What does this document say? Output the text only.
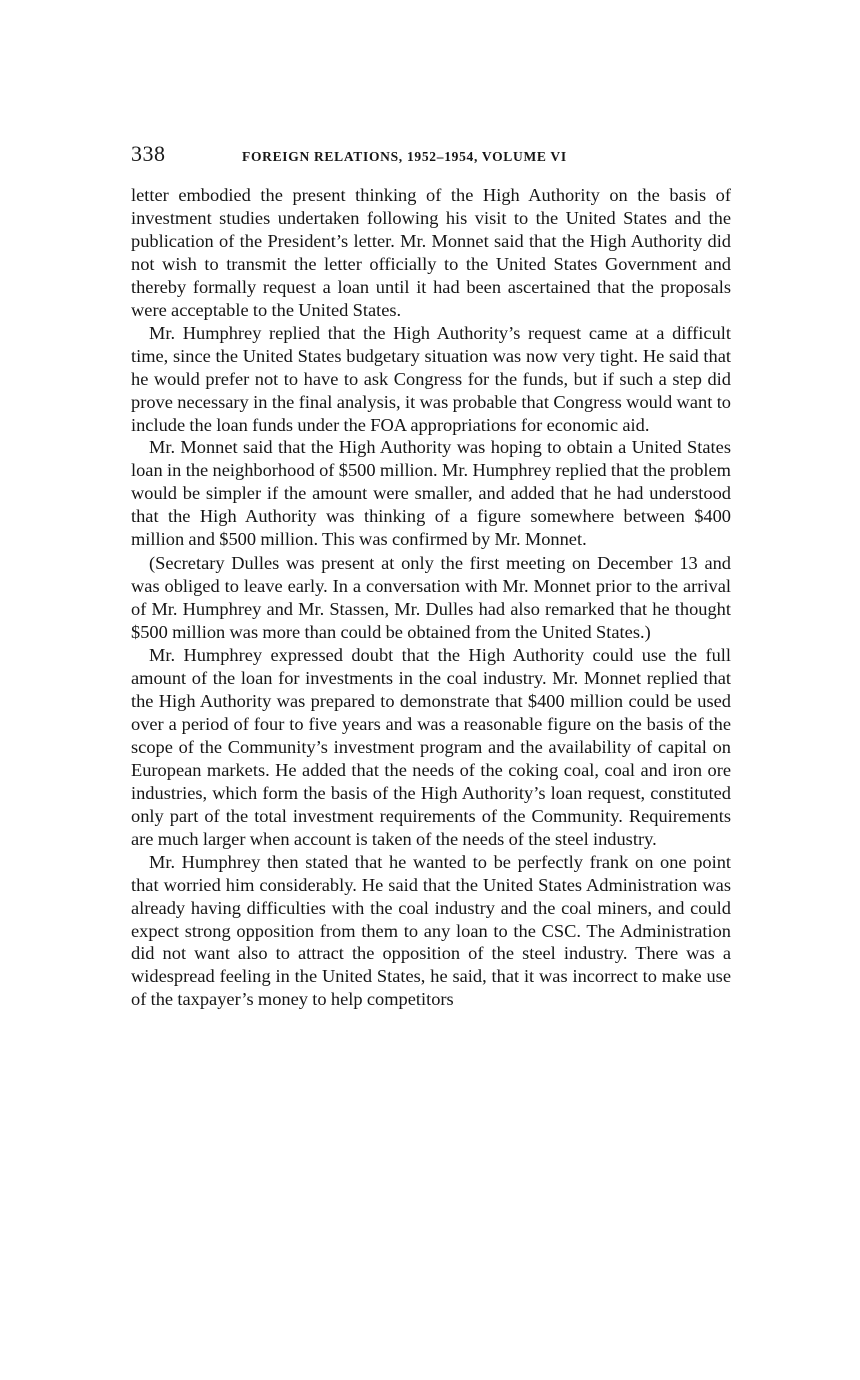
338	FOREIGN RELATIONS, 1952–1954, VOLUME VI

letter embodied the present thinking of the High Authority on the basis of investment studies undertaken following his visit to the United States and the publication of the President’s letter. Mr. Monnet said that the High Authority did not wish to transmit the letter officially to the United States Government and thereby formally request a loan until it had been ascertained that the proposals were acceptable to the United States.

Mr. Humphrey replied that the High Authority’s request came at a difficult time, since the United States budgetary situation was now very tight. He said that he would prefer not to have to ask Congress for the funds, but if such a step did prove necessary in the final analysis, it was probable that Congress would want to include the loan funds under the FOA appropriations for economic aid.

Mr. Monnet said that the High Authority was hoping to obtain a United States loan in the neighborhood of $500 million. Mr. Humphrey replied that the problem would be simpler if the amount were smaller, and added that he had understood that the High Authority was thinking of a figure somewhere between $400 million and $500 million. This was confirmed by Mr. Monnet.

(Secretary Dulles was present at only the first meeting on December 13 and was obliged to leave early. In a conversation with Mr. Monnet prior to the arrival of Mr. Humphrey and Mr. Stassen, Mr. Dulles had also remarked that he thought $500 million was more than could be obtained from the United States.)

Mr. Humphrey expressed doubt that the High Authority could use the full amount of the loan for investments in the coal industry. Mr. Monnet replied that the High Authority was prepared to demonstrate that $400 million could be used over a period of four to five years and was a reasonable figure on the basis of the scope of the Community’s investment program and the availability of capital on European markets. He added that the needs of the coking coal, coal and iron ore industries, which form the basis of the High Authority’s loan request, constituted only part of the total investment requirements of the Community. Requirements are much larger when account is taken of the needs of the steel industry.

Mr. Humphrey then stated that he wanted to be perfectly frank on one point that worried him considerably. He said that the United States Administration was already having difficulties with the coal industry and the coal miners, and could expect strong opposition from them to any loan to the CSC. The Administration did not want also to attract the opposition of the steel industry. There was a widespread feeling in the United States, he said, that it was incorrect to make use of the taxpayer’s money to help competitors
